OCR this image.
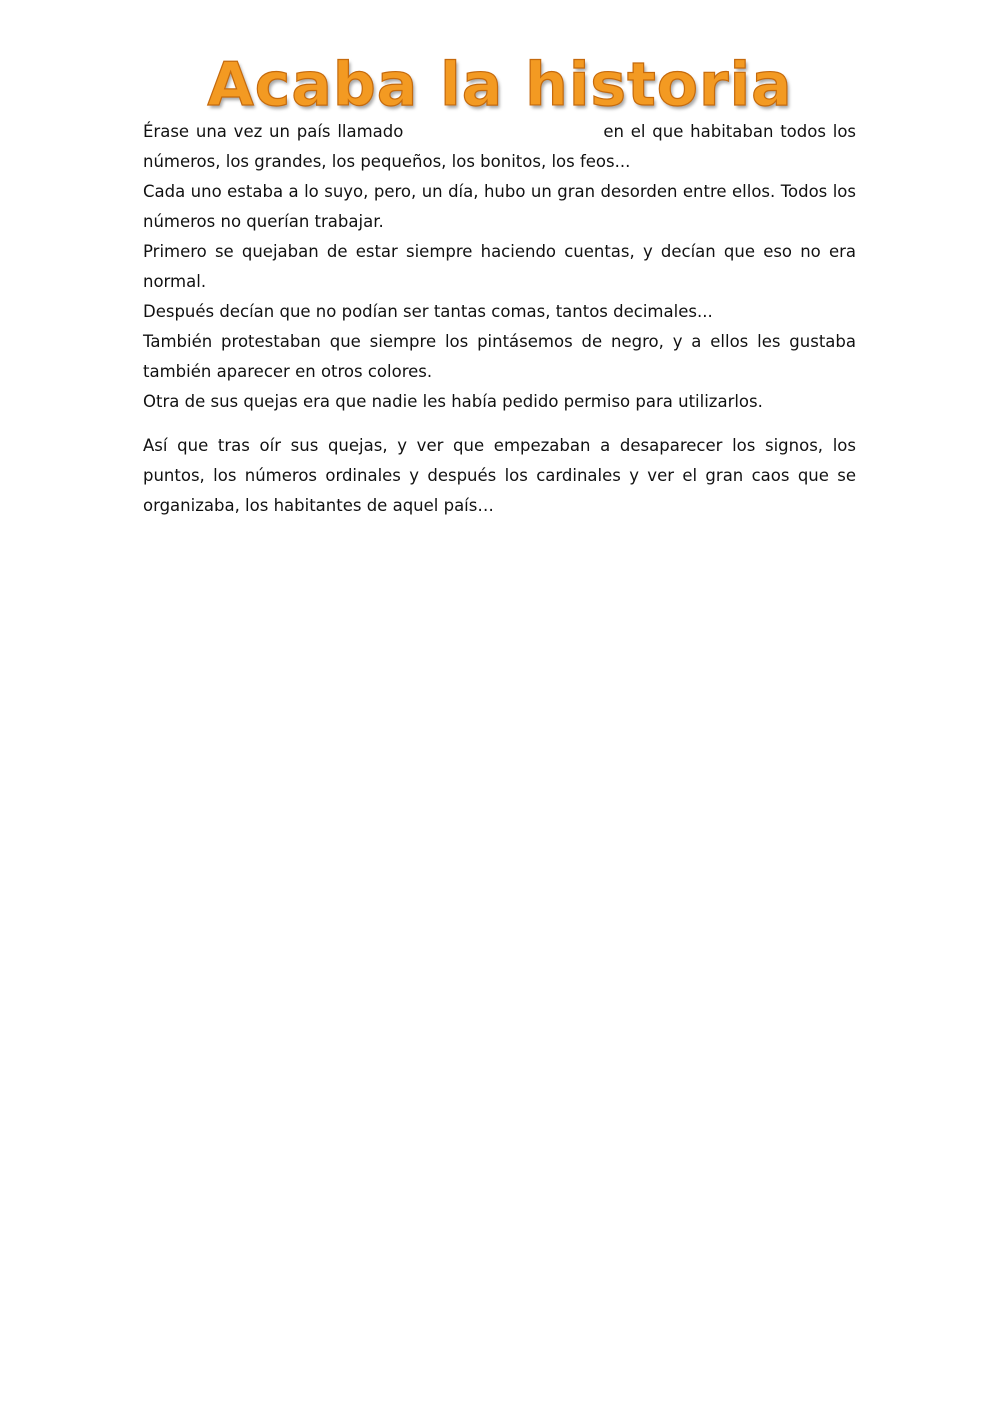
Acaba la historia

Érase una vez un país llamado	en el que habitaban todos los números, los grandes, los pequeños, los bonitos, los feos...

Cada uno estaba a lo suyo, pero, un día, hubo un gran desorden entre ellos. Todos los números no querían trabajar.

Primero se quejaban de estar siempre haciendo cuentas, y decían que eso no era normal.

Después decían que no podían ser tantas comas, tantos decimales...

También protestaban que siempre los pintásemos de negro, y a ellos les gustaba también aparecer en otros colores.

Otra de sus quejas era que nadie les había pedido permiso para utilizarlos.

Así que tras oír sus quejas, y ver que empezaban a desaparecer los signos, los puntos, los números ordinales y después los cardinales y ver el gran caos que se organizaba, los habitantes de aquel país…
